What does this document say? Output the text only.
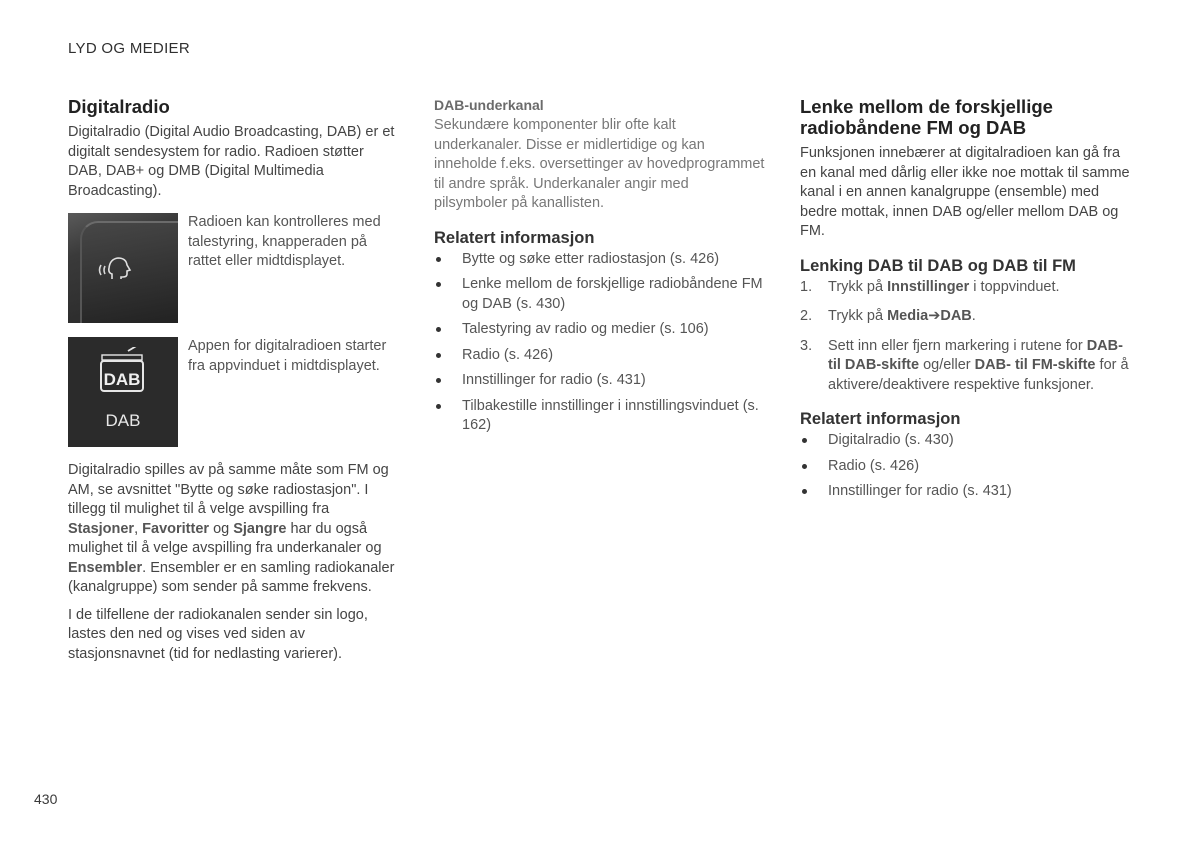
LYD OG MEDIER
Digitalradio

Digitalradio (Digital Audio Broadcasting, DAB) er et digitalt sendesystem for radio. Radioen støtter DAB, DAB+ og DMB (Digital Multimedia Broadcasting).

Radioen kan kontrolleres med talestyring, knapperaden på rattet eller midtdisplayet.
DAB
DAB
Appen for digitalradioen starter fra appvinduet i midtdisplayet.

Digitalradio spilles av på samme måte som FM og AM, se avsnittet "Bytte og søke radiostasjon". I tillegg til mulighet til å velge avspilling fra Stasjoner, Favoritter og Sjangre har du også mulighet til å velge avspilling fra underkanaler og Ensembler. Ensembler er en samling radiokanaler (kanalgruppe) som sender på samme frekvens.

I de tilfellene der radiokanalen sender sin logo, lastes den ned og vises ved siden av stasjonsnavnet (tid for nedlasting varierer).

DAB-underkanal

Sekundære komponenter blir ofte kalt underkanaler. Disse er midlertidige og kan inneholde f.eks. oversettinger av hovedprogrammet til andre språk. Underkanaler angir med pilsymboler på kanallisten.

Relatert informasjon
Bytte og søke etter radiostasjon (s. 426)
Lenke mellom de forskjellige radiobåndene FM og DAB (s. 430)
Talestyring av radio og medier (s. 106)
Radio (s. 426)
Innstillinger for radio (s. 431)
Tilbakestille innstillinger i innstillingsvinduet (s. 162)
Lenke mellom de forskjellige radiobåndene FM og DAB

Funksjonen innebærer at digitalradioen kan gå fra en kanal med dårlig eller ikke noe mottak til samme kanal i en annen kanalgruppe (ensemble) med bedre mottak, innen DAB og/eller mellom DAB og FM.

Lenking DAB til DAB og DAB til FM
1. Trykk på Innstillinger i toppvinduet.
2. Trykk på Media➔DAB.
3. Sett inn eller fjern markering i rutene for DAB-til DAB-skifte og/eller DAB- til FM-skifte for å aktivere/deaktivere respektive funksjoner.
Relatert informasjon
Digitalradio (s. 430)
Radio (s. 426)
Innstillinger for radio (s. 431)
430
